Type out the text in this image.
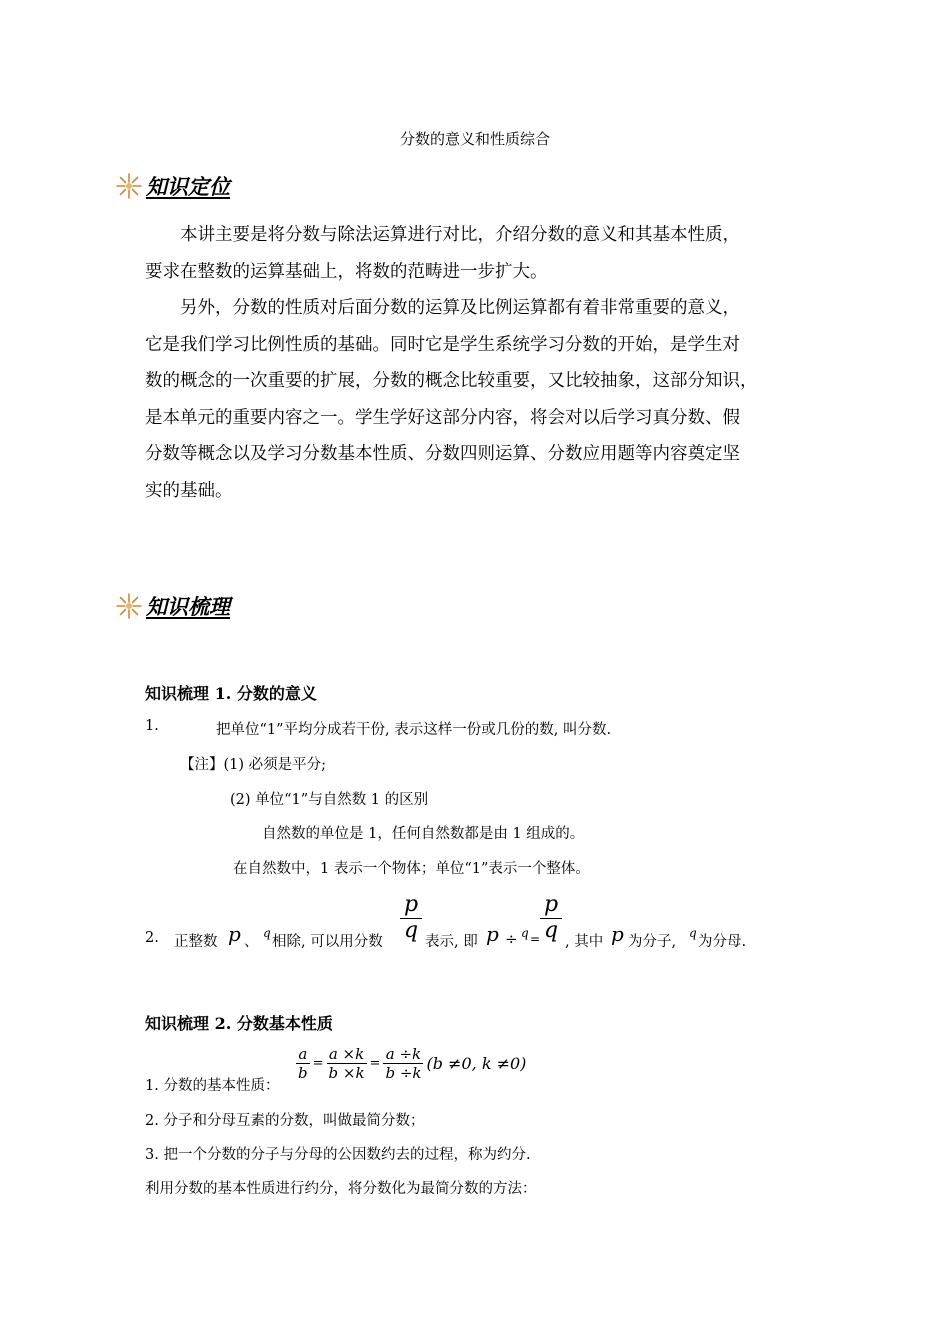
分数的意义和性质综合
知识定位
本讲主要是将分数与除法运算进行对比，介绍分数的意义和其基本性质，
要求在整数的运算基础上，将数的范畴进一步扩大。
另外，分数的性质对后面分数的运算及比例运算都有着非常重要的意义，
它是我们学习比例性质的基础。同时它是学生系统学习分数的开始，是学生对
数的概念的一次重要的扩展，分数的概念比较重要，又比较抽象，这部分知识，
是本单元的重要内容之一。学生学好这部分内容，将会对以后学习真分数、假
分数等概念以及学习分数基本性质、分数四则运算、分数应用题等内容奠定坚
实的基础。
知识梳理
知识梳理 1. 分数的意义
1.	把单位“1”平均分成若干份, 表示这样一份或几份的数, 叫分数.
【注】(1) 必须是平分;
(2) 单位“1”与自然数 1 的区别
自然数的单位是 1，任何自然数都是由 1 组成的。
在自然数中，1 表示一个物体；单位“1”表示一个整体。
2. 正整数 p 、
q
相除, 可以用分数 $\frac{p}{q}$ 表示, 即 $p \div q = \frac{p}{q}$ , 其中 p 为分子,
q
为分母.
知识梳理 2. 分数基本性质
1. 分数的基本性质：
$\frac{a}{b} = \frac{a \times k}{b \times k} = \frac{a \div k}{b \div k} (b \ne 0$, k ≠0)
2. 分子和分母互素的分数，叫做最简分数；
3. 把一个分数的分子与分母的公因数约去的过程，称为约分.
利用分数的基本性质进行约分，将分数化为最简分数的方法：
